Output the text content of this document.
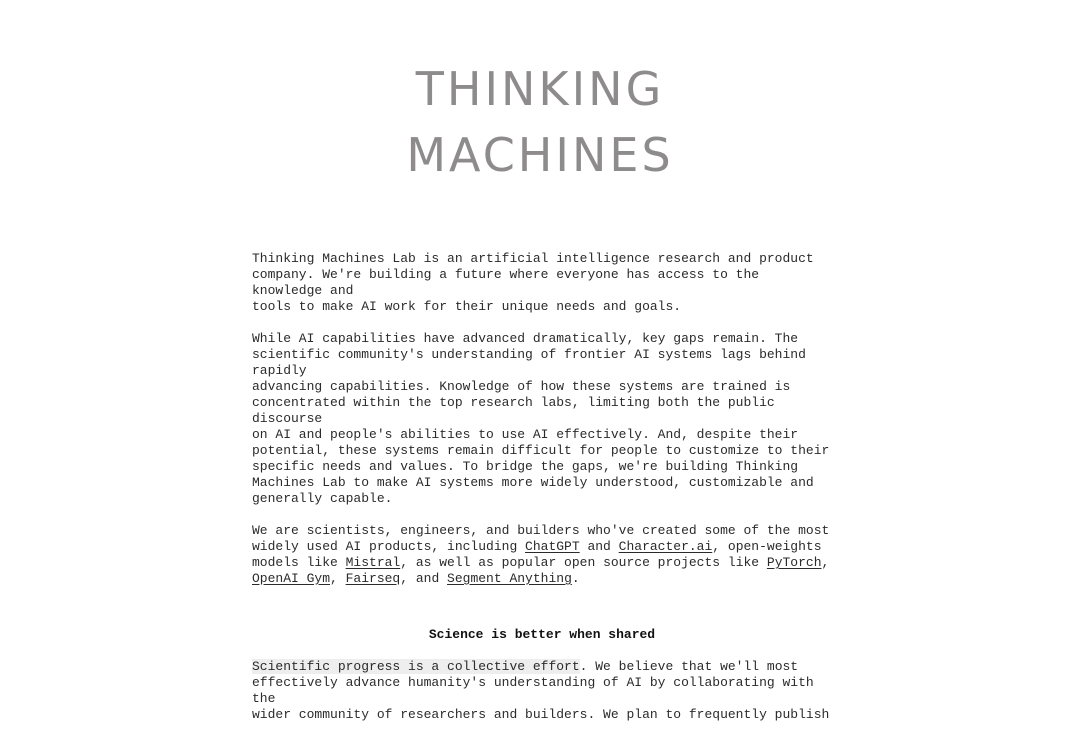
THINKING
MACHINES

Thinking Machines Lab is an artificial intelligence research and product
company. We're building a future where everyone has access to the knowledge and
tools to make AI work for their unique needs and goals.

While AI capabilities have advanced dramatically, key gaps remain. The
scientific community's understanding of frontier AI systems lags behind rapidly
advancing capabilities. Knowledge of how these systems are trained is
concentrated within the top research labs, limiting both the public discourse
on AI and people's abilities to use AI effectively. And, despite their
potential, these systems remain difficult for people to customize to their
specific needs and values. To bridge the gaps, we're building Thinking
Machines Lab to make AI systems more widely understood, customizable and
generally capable.

We are scientists, engineers, and builders who've created some of the most
widely used AI products, including ChatGPT and Character.ai, open-weights
models like Mistral, as well as popular open source projects like PyTorch,
OpenAI Gym, Fairseq, and Segment Anything.

Science is better when shared

Scientific progress is a collective effort. We believe that we'll most
effectively advance humanity's understanding of AI by collaborating with the
wider community of researchers and builders. We plan to frequently publish
